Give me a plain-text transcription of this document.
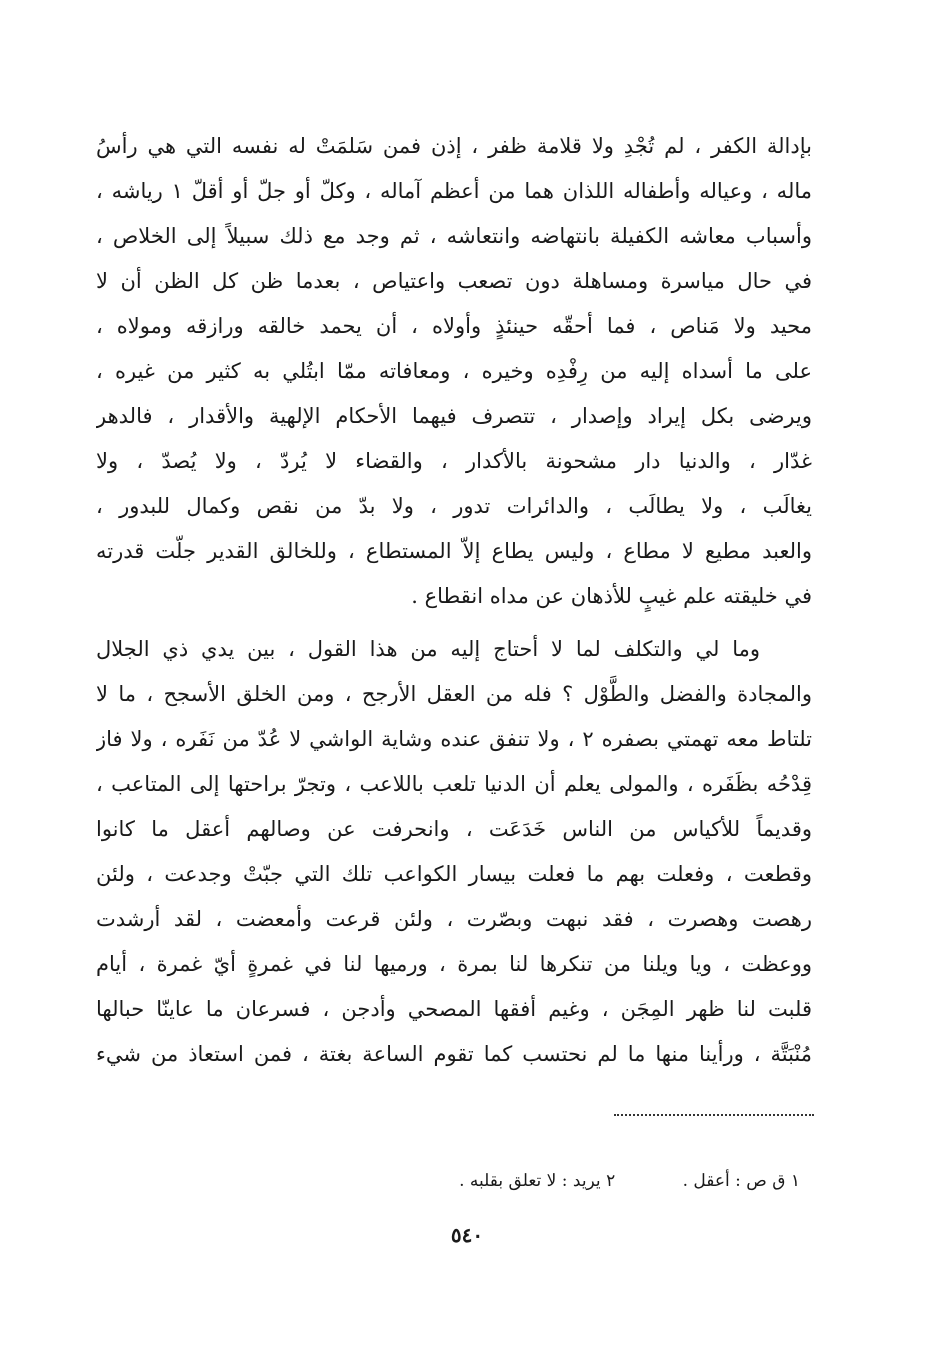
بإدالة الكفر ، لم تُجْدِ ولا قلامة ظفر ، إذن فمن سَلمَتْ له نفسه التي هي رأسُ
ماله ، وعياله وأطفاله اللذان هما من أعظم آماله ، وكلّ أو جلّ أو أقلّ ١ رياشه ،
وأسباب معاشه الكفيلة بانتهاضه وانتعاشه ، ثم وجد مع ذلك سبيلاً إلى الخلاص ،
في حال مياسرة ومساهلة دون تصعب واعتياص ، بعدما ظن كل الظن أن لا
محيد ولا مَناص ، فما أحقّه حينئذٍ وأولاه ، أن يحمد خالقه ورازقه ومولاه ،
على ما أسداه إليه من رِفْدِه وخيره ، ومعافاته ممّا ابتُلي به كثير من غيره ،
ويرضى بكل إيراد وإصدار ، تتصرف فيهما الأحكام الإلهية والأقدار ، فالدهر
غدّار ، والدنيا دار مشحونة بالأكدار ، والقضاء لا يُردّ ، ولا يُصدّ ، ولا
يغالَب ، ولا يطالَب ، والدائرات تدور ، ولا بدّ من نقص وكمال للبدور ،
والعبد مطيع لا مطاع ، وليس يطاع إلاّ المستطاع ، وللخالق القدير جلّت قدرته
في خليقته علم غيبٍ للأذهان عن مداه انقطاع .
وما لي والتكلف لما لا أحتاج إليه من هذا القول ، بين يدي ذي الجلال
والمجادة والفضل والطَّوْل ؟ فله من العقل الأرجح ، ومن الخلق الأسجح ، ما لا
تلتاط معه تهمتي بصفره ٢ ، ولا تنفق عنده وشاية الواشي لا عُدّ من نَفَره ، ولا فاز
قِدْحُه بظَفَره ، والمولى يعلم أن الدنيا تلعب باللاعب ، وتجرّ براحتها إلى المتاعب ،
وقديماً للأكياس من الناس خَدَعَت ، وانحرفت عن وصالهم أعقل ما كانوا
وقطعت ، وفعلت بهم ما فعلت بيسار الكواعب تلك التي جبّتْ وجدعت ، ولئن
رهصت وهصرت ، فقد نبهت وبصّرت ، ولئن قرعت وأمعضت ، لقد أرشدت
ووعظت ، ويا ويلنا من تنكرها لنا بمرة ، ورميها لنا في غمرةٍ أيّ غمرة ، أيام
قلبت لنا ظهر المِجَن ، وغيم أفقها المصحي وأدجن ، فسرعان ما عاينّا حبالها
مُنْبَتَّة ، ورأينا منها ما لم نحتسب كما تقوم الساعة بغتة ، فمن استعاذ من شيء
١ ق ص : أعقل . ٢ يريد : لا تعلق بقلبه .
٥٤٠
